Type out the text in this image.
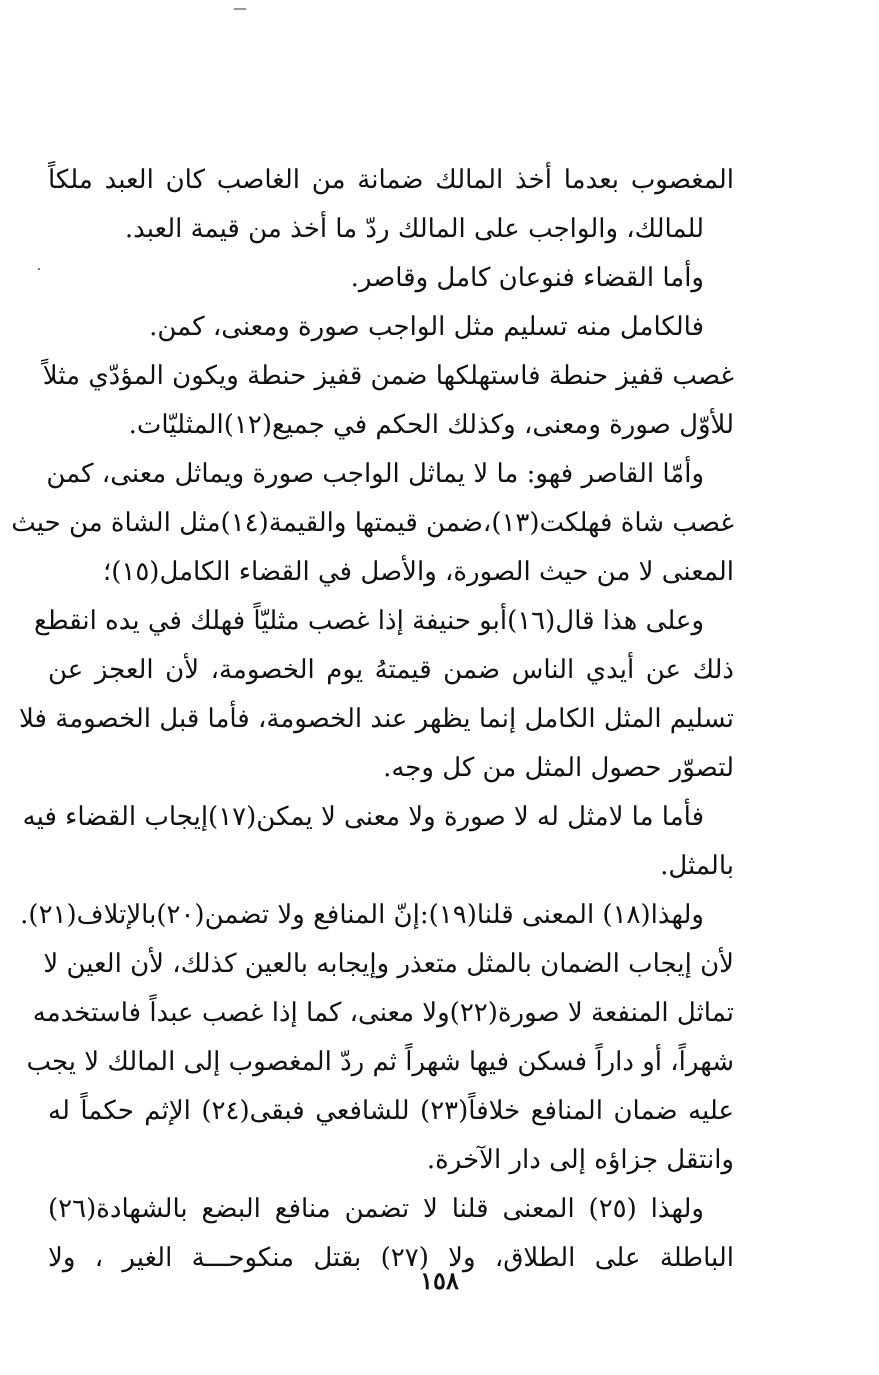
المغصوب بعدما أخذ المالك ضمانة من الغاصب كان العبد ملكاً
للمالك، والواجب على المالك ردّ ما أخذ من قيمة العبد.
وأما القضاء فنوعان كامل وقاصر.
فالكامل منه تسليم مثل الواجب صورة ومعنى، كمن.
غصب قفيز حنطة فاستهلكها ضمن قفيز حنطة ويكون المؤدّي مثلاً
للأوّل صورة ومعنى، وكذلك الحكم في جميع(١٢)المثليّات.
وأمّا القاصر فهو: ما لا يماثل الواجب صورة ويماثل معنى، كمن
غصب شاة فهلكت(١٣)،ضمن قيمتها والقيمة(١٤)مثل الشاة من حيث
المعنى لا من حيث الصورة، والأصل في القضاء الكامل(١٥)؛
وعلى هذا قال(١٦)أبو حنيفة إذا غصب مثليّاً فهلك في يده انقطع
ذلك عن أيدي الناس ضمن قيمتهُ يوم الخصومة، لأن العجز عن
تسليم المثل الكامل إنما يظهر عند الخصومة، فأما قبل الخصومة فلا
لتصوّر حصول المثل من كل وجه.
فأما ما لامثل له لا صورة ولا معنى لا يمكن(١٧)إيجاب القضاء فيه
بالمثل.
ولهذا(١٨) المعنى قلنا(١٩):إنّ المنافع ولا تضمن(٢٠)بالإتلاف(٢١).
لأن إيجاب الضمان بالمثل متعذر وإيجابه بالعين كذلك، لأن العين لا
تماثل المنفعة لا صورة(٢٢)ولا معنى، كما إذا غصب عبداً فاستخدمه
شهراً، أو داراً فسكن فيها شهراً ثم ردّ المغصوب إلى المالك لا يجب
عليه ضمان المنافع خلافاً(٢٣) للشافعي فبقى(٢٤) الإثم حكماً له
وانتقل جزاؤه إلى دار الآخرة.
ولهذا (٢٥) المعنى قلنا لا تضمن منافع البضع بالشهادة(٢٦)
الباطلة على الطلاق، ولا (٢٧) بقتل منكوحـــة الغير ، ولا
١٥٨
